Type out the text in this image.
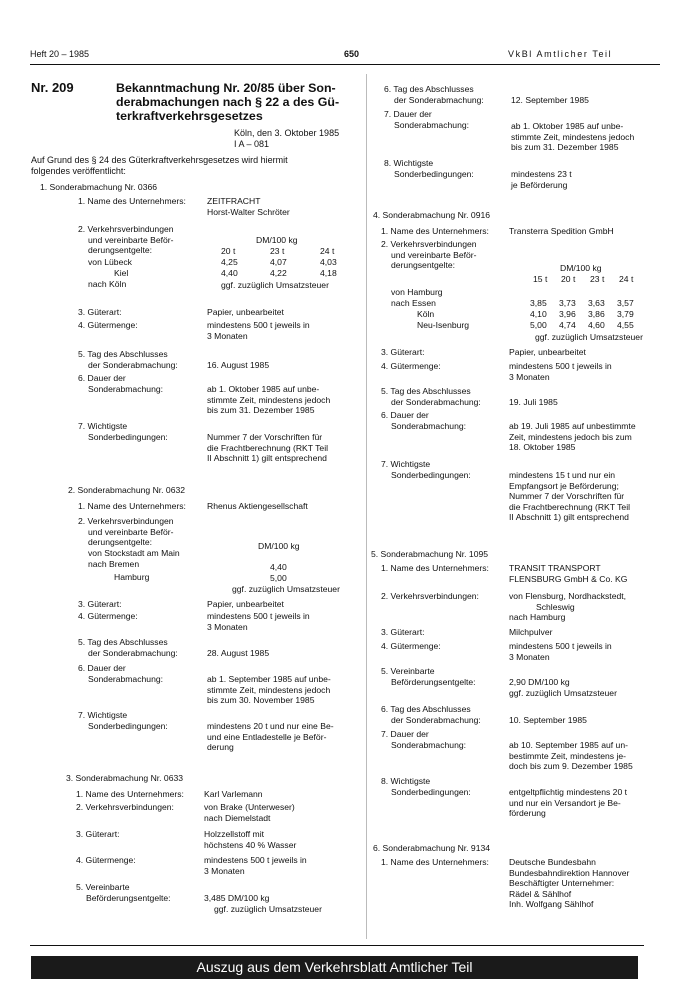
Heft 20 – 1985	650	VkBl Amtlicher Teil
Nr. 209	Bekanntmachung Nr. 20/85 über Son-
derabmachungen nach § 22 a des Gü-
terkraftverkehrsgesetzes
Köln, den 3. Oktober 1985
I A – 081
Auf Grund des § 24 des Güterkraftverkehrsgesetzes wird hiermit
folgendes veröffentlicht:
1. Sonderabmachung Nr. 0366
1. Name des Unternehmers: ZEITFRACHT
Horst-Walter Schröter
2. Verkehrsverbindungen
und vereinbarte Beför-
derungsentgelte:
DM/100 kg
20 t	23 t	24 t
von Lübeck	4,25	4,07	4,03
Kiel	4,40	4,22	4,18
nach Köln	ggf. zuzüglich Umsatzsteuer
3. Güterart:	Papier, unbearbeitet
4. Gütermenge:	mindestens 500 t jeweils in
3 Monaten
5. Tag des Abschlusses
der Sonderabmachung:	16. August 1985
6. Dauer der
Sonderabmachung:	ab 1. Oktober 1985 auf unbe-
stimmte Zeit, mindestens jedoch
bis zum 31. Dezember 1985
7. Wichtigste
Sonderbedingungen:	Nummer 7 der Vorschriften für
die Frachtberechnung (RKT Teil
II Abschnitt 1) gilt entsprechend
2. Sonderabmachung Nr. 0632
1. Name des Unternehmers: Rhenus Aktiengesellschaft
2. Verkehrsverbindungen
und vereinbarte Beför-
derungsentgelte:	DM/100 kg
von Stockstadt am Main
nach Bremen	4,40
Hamburg	5,00
ggf. zuzüglich Umsatzsteuer
3. Güterart:	Papier, unbearbeitet
4. Gütermenge:	mindestens 500 t jeweils in
3 Monaten
5. Tag des Abschlusses
der Sonderabmachung:	28. August 1985
6. Dauer der
Sonderabmachung:	ab 1. September 1985 auf unbe-
stimmte Zeit, mindestens jedoch
bis zum 30. November 1985
7. Wichtigste
Sonderbedingungen:	mindestens 20 t und nur eine Be-
und eine Entladestelle je Beför-
derung
3. Sonderabmachung Nr. 0633
1. Name des Unternehmers: Karl Varlemann
2. Verkehrsverbindungen:	von Brake (Unterweser)
nach Diemelstadt
3. Güterart:	Holzzellstoff mit
höchstens 40 % Wasser
4. Gütermenge:	mindestens 500 t jeweils in
3 Monaten
5. Vereinbarte
Beförderungsentgelte:	3,485 DM/100 kg
ggf. zuzüglich Umsatzsteuer
6. Tag des Abschlusses
der Sonderabmachung:	12. September 1985
7. Dauer der
Sonderabmachung:	ab 1. Oktober 1985 auf unbe-
stimmte Zeit, mindestens jedoch
bis zum 31. Dezember 1985
8. Wichtigste
Sonderbedingungen:	mindestens 23 t
je Beförderung
4. Sonderabmachung Nr. 0916
1. Name des Unternehmers: Transterra Spedition GmbH
2. Verkehrsverbindungen
und vereinbarte Beför-
derungsentgelte:	DM/100 kg
15 t 20 t 23 t 24 t
von Hamburg
nach Essen	3,85 3,73 3,63 3,57
Köln	4,10 3,96 3,86 3,79
Neu-Isenburg	5,00 4,74 4,60 4,55
ggf. zuzüglich Umsatzsteuer
3. Güterart:	Papier, unbearbeitet
4. Gütermenge:	mindestens 500 t jeweils in
3 Monaten
5. Tag des Abschlusses
der Sonderabmachung:	19. Juli 1985
6. Dauer der
Sonderabmachung:	ab 19. Juli 1985 auf unbestimmte
Zeit, mindestens jedoch bis zum
18. Oktober 1985
7. Wichtigste
Sonderbedingungen:	mindestens 15 t und nur ein
Empfangsort je Beförderung;
Nummer 7 der Vorschriften für
die Frachtberechnung (RKT Teil
II Abschnitt 1) gilt entsprechend
5. Sonderabmachung Nr. 1095
1. Name des Unternehmers: TRANSIT TRANSPORT
FLENSBURG GmbH & Co. KG
2. Verkehrsverbindungen:	von Flensburg, Nordhackstedt,
Schleswig
nach Hamburg
3. Güterart:	Milchpulver
4. Gütermenge:	mindestens 500 t jeweils in
3 Monaten
5. Vereinbarte
Beförderungsentgelte:	2,90 DM/100 kg
ggf. zuzüglich Umsatzsteuer
6. Tag des Abschlusses
der Sonderabmachung:	10. September 1985
7. Dauer der
Sonderabmachung:	ab 10. September 1985 auf un-
bestimmte Zeit, mindestens je-
doch bis zum 9. Dezember 1985
8. Wichtigste
Sonderbedingungen:	entgeltpflichtig mindestens 20 t
und nur ein Versandort je Be-
förderung
6. Sonderabmachung Nr. 9134
1. Name des Unternehmers: Deutsche Bundesbahn
Bundesbahndirektion Hannover
Beschäftigter Unternehmer:
Rädel & Sählhof
Inh. Wolfgang Sählhof
Auszug aus dem Verkehrsblatt Amtlicher Teil
